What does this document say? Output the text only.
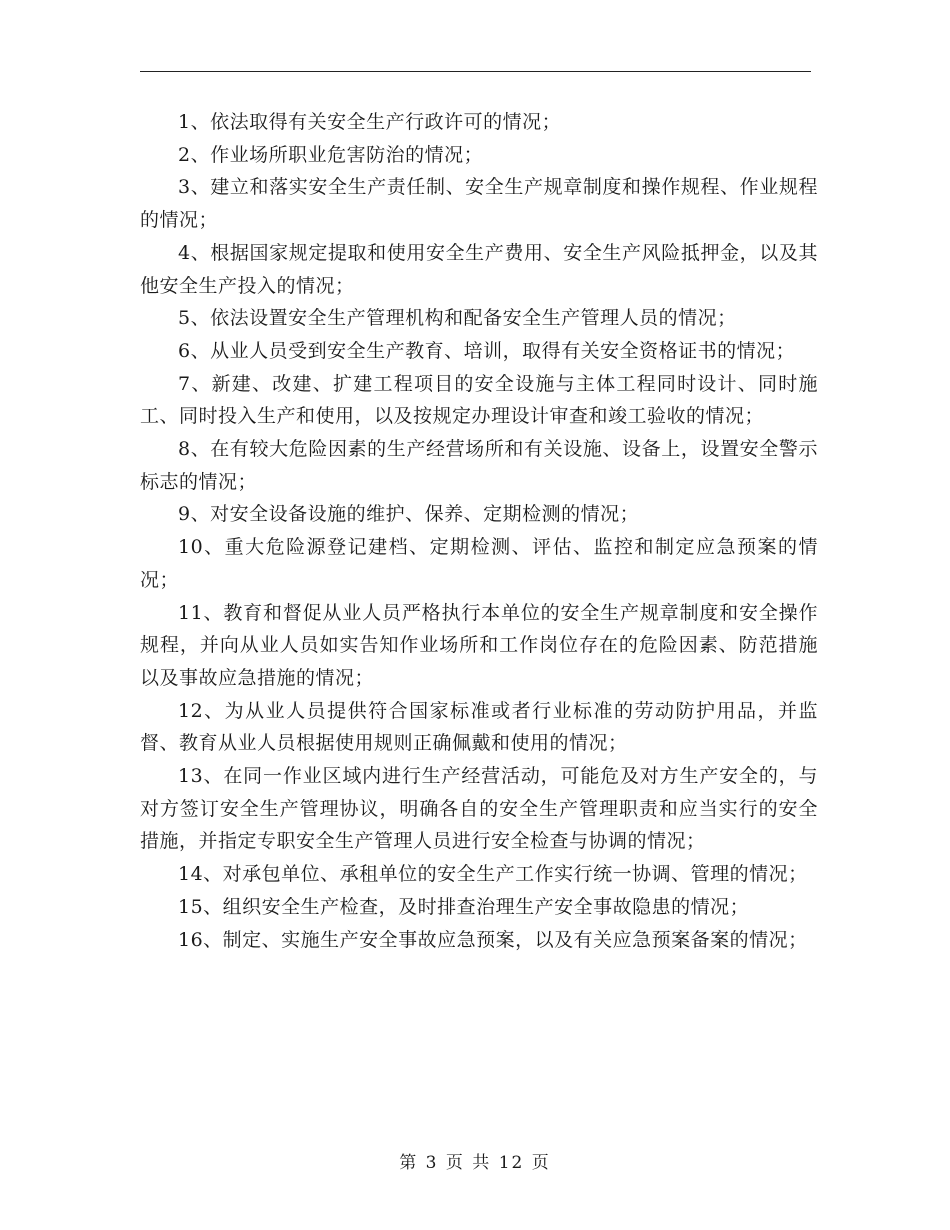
1、依法取得有关安全生产行政许可的情况；

2、作业场所职业危害防治的情况；

3、建立和落实安全生产责任制、安全生产规章制度和操作规程、作业规程的情况；

4、根据国家规定提取和使用安全生产费用、安全生产风险抵押金，以及其他安全生产投入的情况；

5、依法设置安全生产管理机构和配备安全生产管理人员的情况；

6、从业人员受到安全生产教育、培训，取得有关安全资格证书的情况；

7、新建、改建、扩建工程项目的安全设施与主体工程同时设计、同时施工、同时投入生产和使用，以及按规定办理设计审查和竣工验收的情况；

8、在有较大危险因素的生产经营场所和有关设施、设备上，设置安全警示标志的情况；

9、对安全设备设施的维护、保养、定期检测的情况；

10、重大危险源登记建档、定期检测、评估、监控和制定应急预案的情况；

11、教育和督促从业人员严格执行本单位的安全生产规章制度和安全操作规程，并向从业人员如实告知作业场所和工作岗位存在的危险因素、防范措施以及事故应急措施的情况；

12、为从业人员提供符合国家标准或者行业标准的劳动防护用品，并监督、教育从业人员根据使用规则正确佩戴和使用的情况；

13、在同一作业区域内进行生产经营活动，可能危及对方生产安全的，与对方签订安全生产管理协议，明确各自的安全生产管理职责和应当实行的安全措施，并指定专职安全生产管理人员进行安全检查与协调的情况；

14、对承包单位、承租单位的安全生产工作实行统一协调、管理的情况；

15、组织安全生产检查，及时排查治理生产安全事故隐患的情况；

16、制定、实施生产安全事故应急预案，以及有关应急预案备案的情况；

第 3 页 共 12 页
